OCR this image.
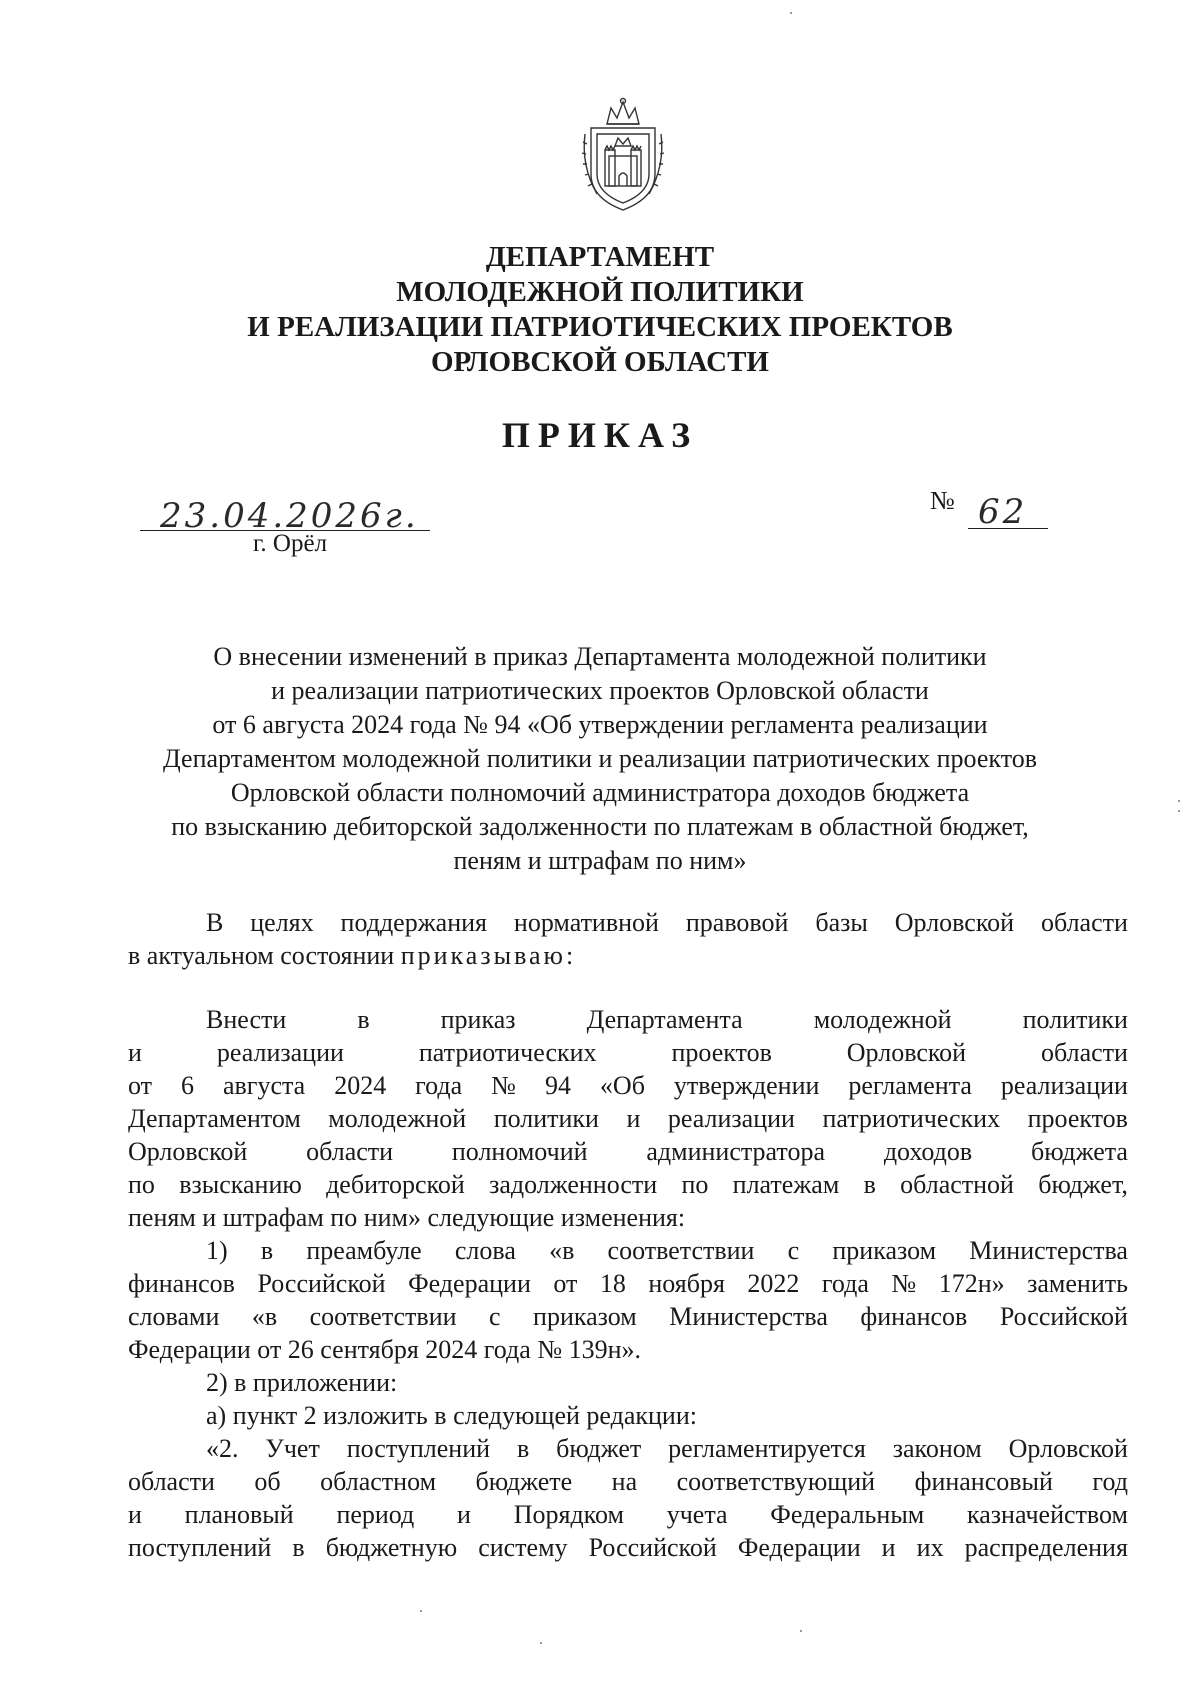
ДЕПАРТАМЕНТ
МОЛОДЕЖНОЙ ПОЛИТИКИ
И РЕАЛИЗАЦИИ ПАТРИОТИЧЕСКИХ ПРОЕКТОВ
ОРЛОВСКОЙ ОБЛАСТИ
ПРИКАЗ
23.04.2026г.
г. Орёл
№ 62
О внесении изменений в приказ Департамента молодежной политики
и реализации патриотических проектов Орловской области
от 6 августа 2024 года № 94 «Об утверждении регламента реализации
Департаментом молодежной политики и реализации патриотических проектов
Орловской области полномочий администратора доходов бюджета
по взысканию дебиторской задолженности по платежам в областной бюджет,
пеням и штрафам по ним»
В целях поддержания нормативной правовой базы Орловской области
в актуальном состоянии приказываю:
Внести	в	приказ	Департамента	молодежной	политики
и	реализации	патриотических	проектов	Орловской	области
от 6 августа 2024 года № 94 «Об утверждении регламента реализации
Департаментом молодежной политики и реализации патриотических проектов
Орловской области полномочий администратора доходов бюджета
по взысканию дебиторской задолженности по платежам в областной бюджет,
пеням и штрафам по ним» следующие изменения:
1) в преамбуле слова «в соответствии с приказом Министерства
финансов Российской Федерации от 18 ноября 2022 года № 172н» заменить
словами «в соответствии с приказом Министерства финансов Российской
Федерации от 26 сентября 2024 года № 139н».
2) в приложении:
а) пункт 2 изложить в следующей редакции:
«2. Учет поступлений в бюджет регламентируется законом Орловской
области об областном бюджете на соответствующий финансовый год
и плановый период и Порядком учета Федеральным казначейством
поступлений в бюджетную систему Российской Федерации и их распределения
